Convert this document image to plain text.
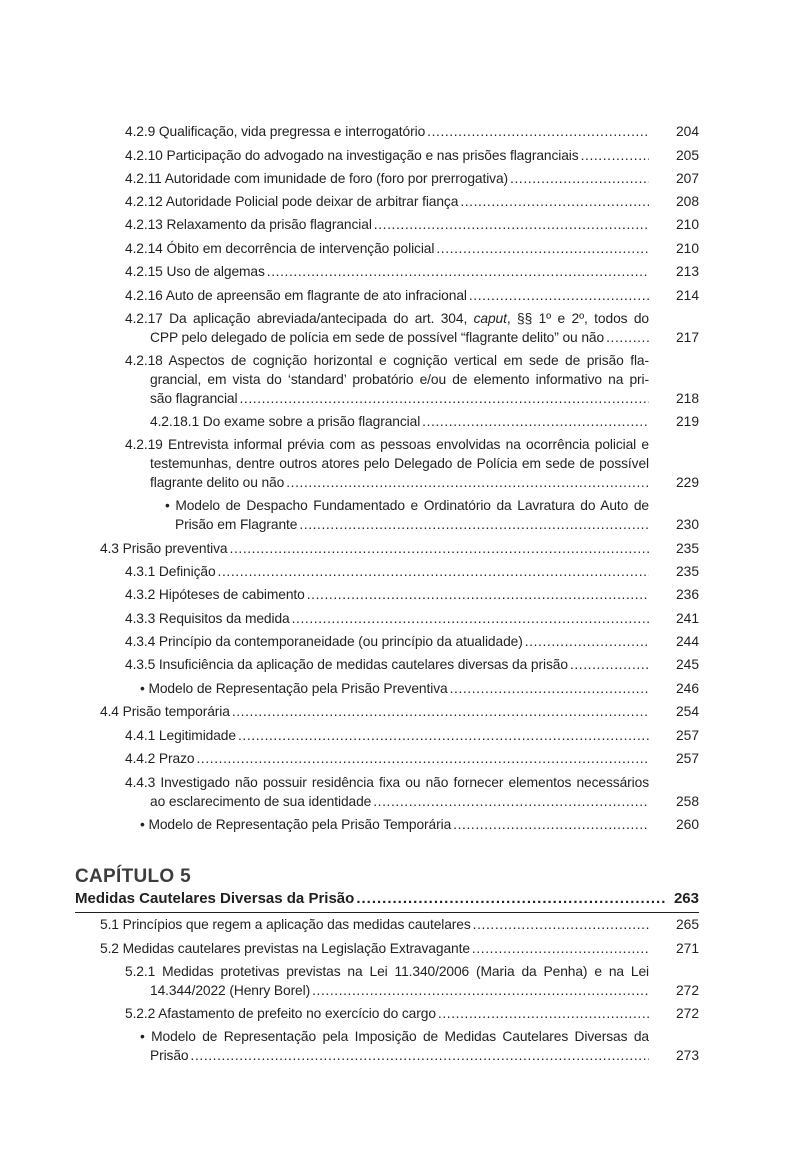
4.2.9 Qualificação, vida pregressa e interrogatório .....	204
4.2.10 Participação do advogado na investigação e nas prisões flagranciais .....	205
4.2.11 Autoridade com imunidade de foro (foro por prerrogativa) .....	207
4.2.12 Autoridade Policial pode deixar de arbitrar fiança .....	208
4.2.13 Relaxamento da prisão flagrancial .....	210
4.2.14 Óbito em decorrência de intervenção policial .....	210
4.2.15 Uso de algemas .....	213
4.2.16 Auto de apreensão em flagrante de ato infracional .....	214
4.2.17 Da aplicação abreviada/antecipada do art. 304, caput, §§ 1º e 2º, todos do
CPP pelo delegado de polícia em sede de possível “flagrante delito” ou não .....	217
4.2.18 Aspectos de cognição horizontal e cognição vertical em sede de prisão fla-
grancial, em vista do ‘standard’ probatório e/ou de elemento informativo na pri-
são flagrancial .....	218
4.2.18.1 Do exame sobre a prisão flagrancial .....	219
4.2.19 Entrevista informal prévia com as pessoas envolvidas na ocorrência policial e
testemunhas, dentre outros atores pelo Delegado de Polícia em sede de possível
flagrante delito ou não .....	229
• Modelo de Despacho Fundamentado e Ordinatório da Lavratura do Auto de
Prisão em Flagrante .....	230
4.3 Prisão preventiva .....	235
4.3.1 Definição .....	235
4.3.2 Hipóteses de cabimento .....	236
4.3.3 Requisitos da medida .....	241
4.3.4 Princípio da contemporaneidade (ou princípio da atualidade) .....	244
4.3.5 Insuficiência da aplicação de medidas cautelares diversas da prisão .....	245
• Modelo de Representação pela Prisão Preventiva .....	246
4.4 Prisão temporária .....	254
4.4.1 Legitimidade .....	257
4.4.2 Prazo .....	257
4.4.3 Investigado não possuir residência fixa ou não fornecer elementos necessários
ao esclarecimento de sua identidade .....	258
• Modelo de Representação pela Prisão Temporária .....	260
CAPÍTULO 5
Medidas Cautelares Diversas da Prisão .....	263
5.1 Princípios que regem a aplicação das medidas cautelares .....	265
5.2 Medidas cautelares previstas na Legislação Extravagante .....	271
5.2.1 Medidas protetivas previstas na Lei 11.340/2006 (Maria da Penha) e na Lei
14.344/2022 (Henry Borel) .....	272
5.2.2 Afastamento de prefeito no exercício do cargo .....	272
• Modelo de Representação pela Imposição de Medidas Cautelares Diversas da
Prisão .....	273
